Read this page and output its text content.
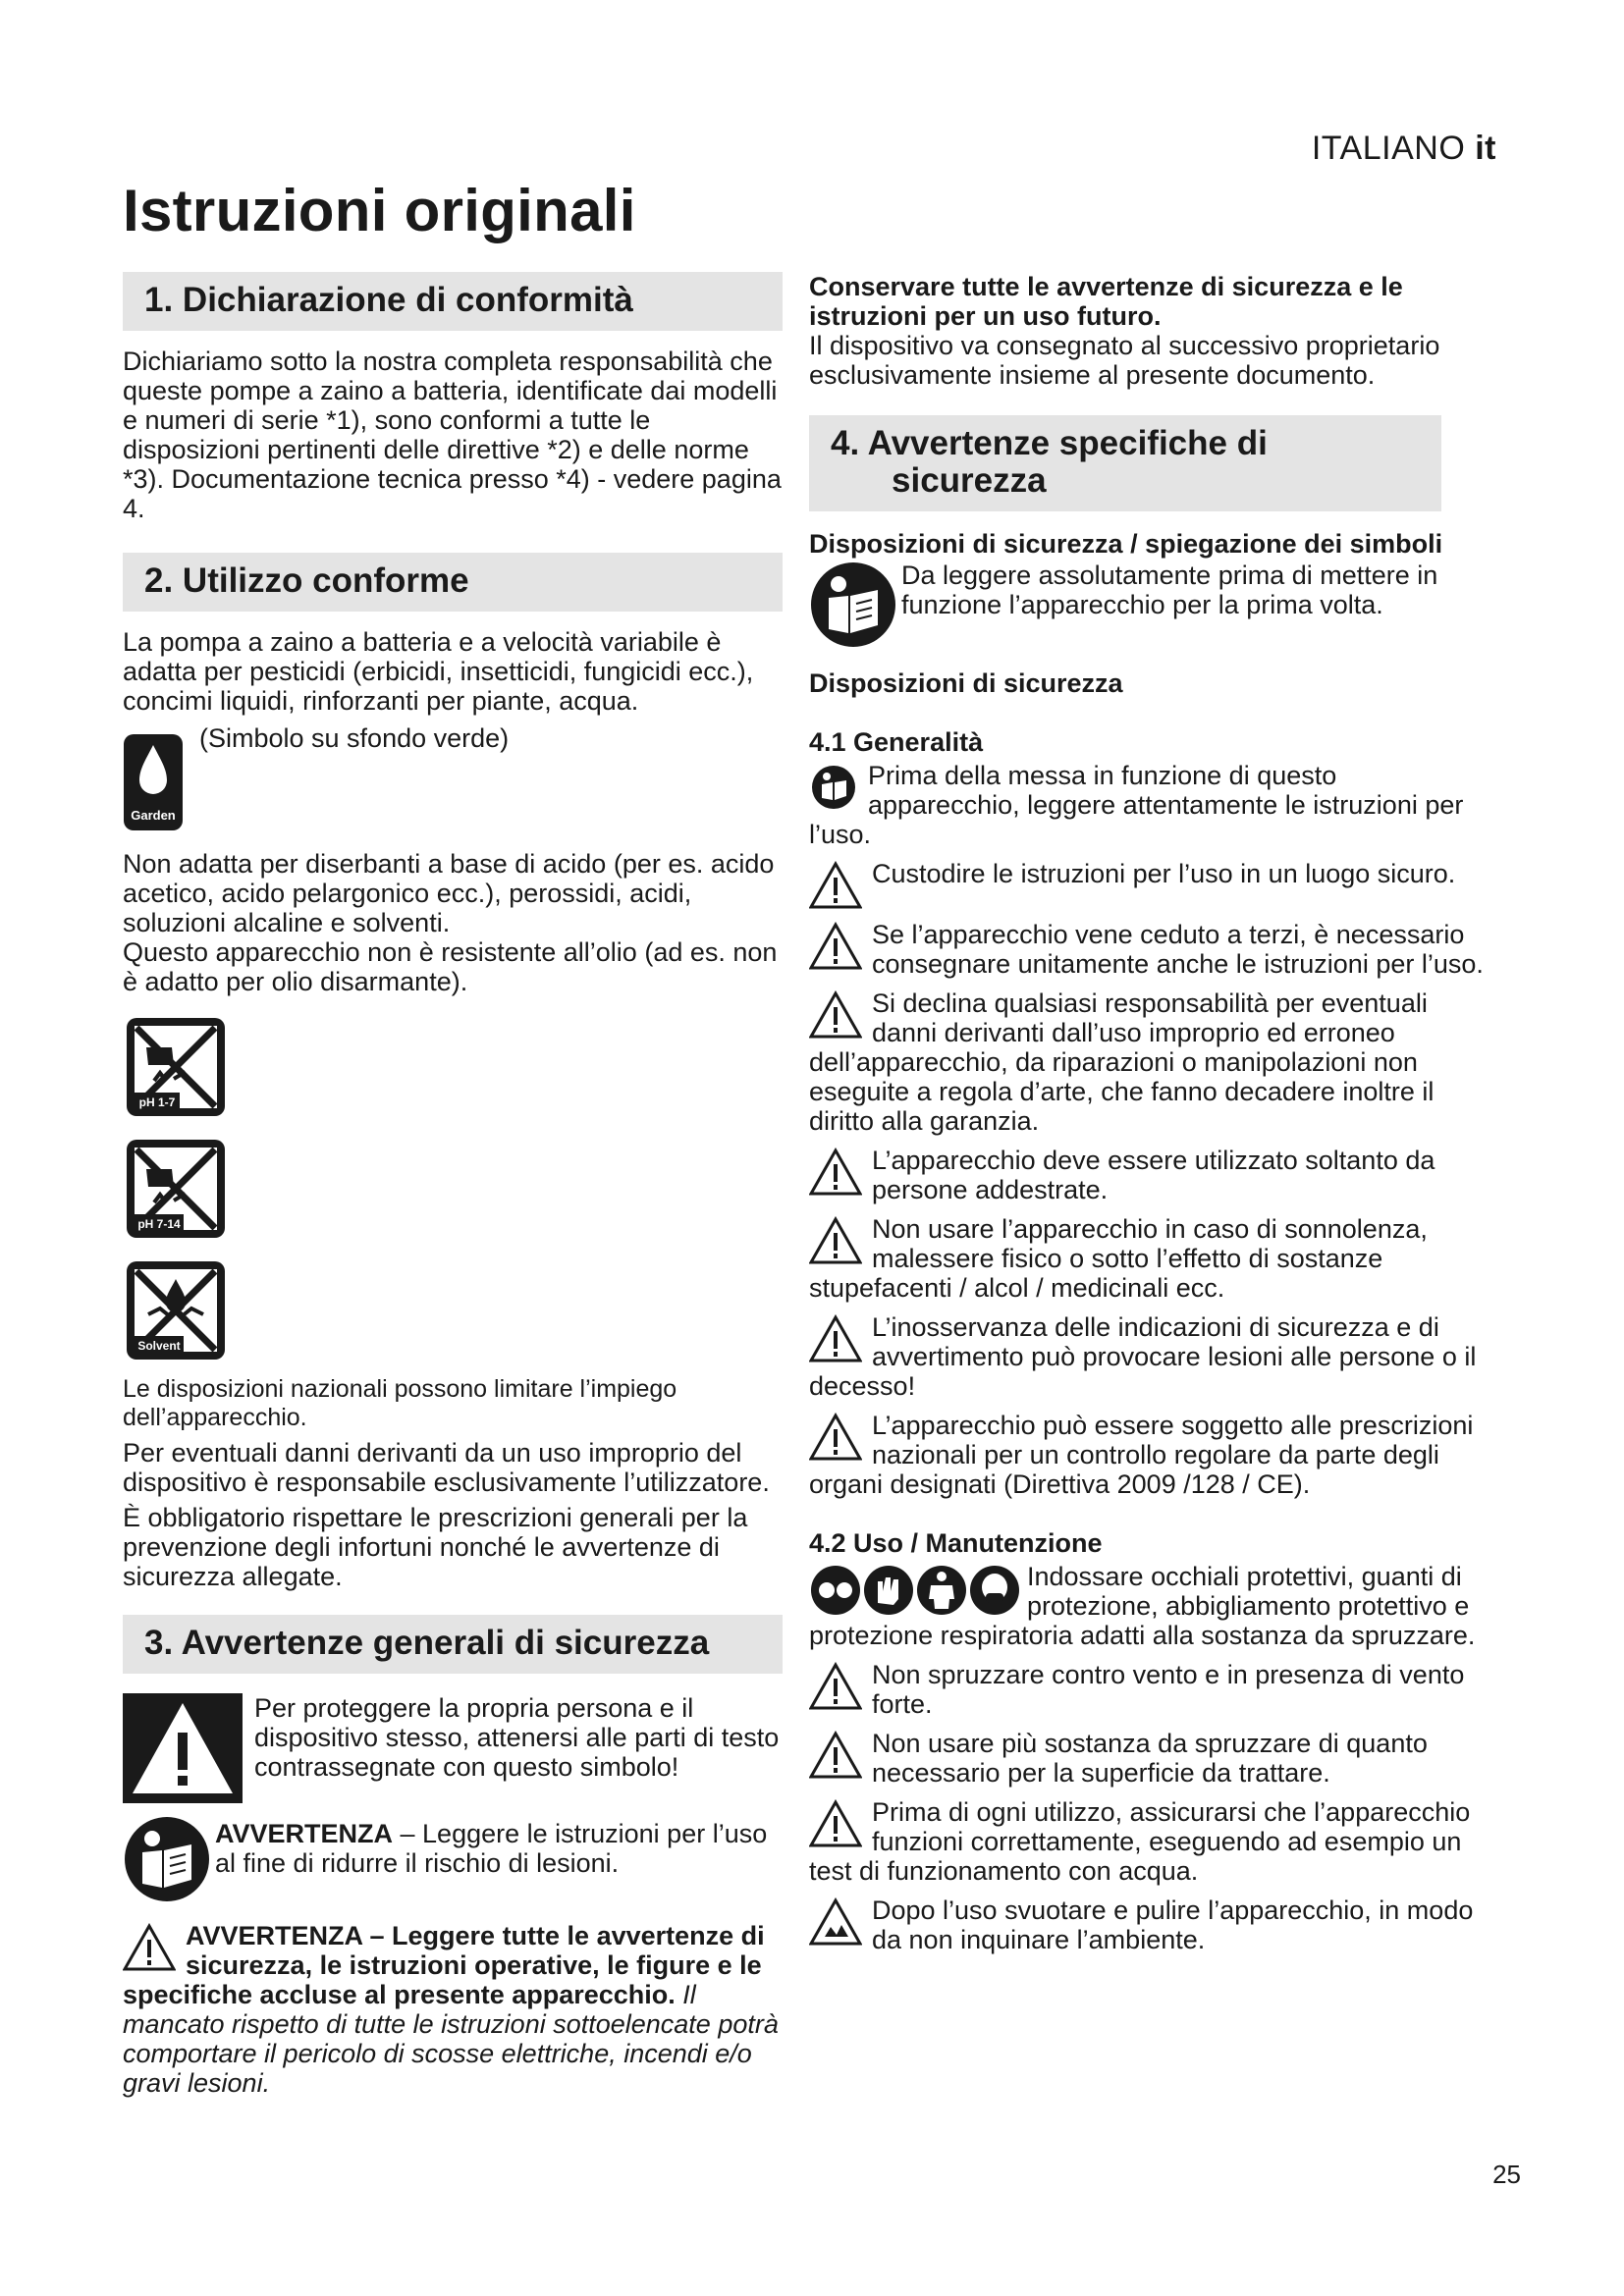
ITALIANO it
Istruzioni originali
1. Dichiarazione di conformità

Dichiariamo sotto la nostra completa responsabilità che queste pompe a zaino a batteria, identificate dai modelli e numeri di serie *1), sono conformi a tutte le disposizioni pertinenti delle direttive *2) e delle norme *3). Documentazione tecnica presso *4) - vedere pagina 4.

2. Utilizzo conforme

La pompa a zaino a batteria e a velocità variabile è adatta per pesticidi (erbicidi, insetticidi, fungicidi ecc.), concimi liquidi, rinforzanti per piante, acqua.

Garden
(Simbolo su sfondo verde)

Non adatta per diserbanti a base di acido (per es. acido acetico, acido pelargonico ecc.), perossidi, acidi, soluzioni alcaline e solventi.

Questo apparecchio non è resistente all’olio (ad es. non è adatto per olio disarmante).

pH 1-7
pH 7-14
Solvent

Le disposizioni nazionali possono limitare l’impiego dell’apparecchio.

Per eventuali danni derivanti da un uso improprio del dispositivo è responsabile esclusivamente l’utilizzatore.

È obbligatorio rispettare le prescrizioni generali per la prevenzione degli infortuni nonché le avvertenze di sicurezza allegate.

3. Avvertenze generali di sicurezza

Per proteggere la propria persona e il dispositivo stesso, attenersi alle parti di testo contrassegnate con questo simbolo!

AVVERTENZA – Leggere le istruzioni per l’uso al fine di ridurre il rischio di lesioni.

AVVERTENZA – Leggere tutte le avvertenze di sicurezza, le istruzioni operative, le figure e le specifiche accluse al presente apparecchio. Il mancato rispetto di tutte le istruzioni sottoelencate potrà comportare il pericolo di scosse elettriche, incendi e/o gravi lesioni.

Conservare tutte le avvertenze di sicurezza e le istruzioni per un uso futuro.

Il dispositivo va consegnato al successivo proprietario esclusivamente insieme al presente documento.

4. Avvertenze specifiche di
sicurezza

Disposizioni di sicurezza / spiegazione dei simboli

Da leggere assolutamente prima di mettere in funzione l’apparecchio per la prima volta.

Disposizioni di sicurezza

4.1 Generalità

Prima della messa in funzione di questo apparecchio, leggere attentamente le istruzioni per l’uso.

Custodire le istruzioni per l’uso in un luogo sicuro.

Se l’apparecchio vene ceduto a terzi, è necessario consegnare unitamente anche le istruzioni per l’uso.

Si declina qualsiasi responsabilità per eventuali danni derivanti dall’uso improprio ed erroneo dell’apparecchio, da riparazioni o manipolazioni non eseguite a regola d’arte, che fanno decadere inoltre il diritto alla garanzia.

L’apparecchio deve essere utilizzato soltanto da persone addestrate.

Non usare l’apparecchio in caso di sonnolenza, malessere fisico o sotto l’effetto di sostanze stupefacenti / alcol / medicinali ecc.

L’inosservanza delle indicazioni di sicurezza e di avvertimento può provocare lesioni alle persone o il decesso!

L’apparecchio può essere soggetto alle prescrizioni nazionali per un controllo regolare da parte degli organi designati (Direttiva 2009 /128 / CE).

4.2 Uso / Manutenzione

Indossare occhiali protettivi, guanti di protezione, abbigliamento protettivo e protezione respiratoria adatti alla sostanza da spruzzare.

Non spruzzare contro vento e in presenza di vento forte.

Non usare più sostanza da spruzzare di quanto necessario per la superficie da trattare.

Prima di ogni utilizzo, assicurarsi che l’apparecchio funzioni correttamente, eseguendo ad esempio un test di funzionamento con acqua.

Dopo l’uso svuotare e pulire l’apparecchio, in modo da non inquinare l’ambiente.

25
